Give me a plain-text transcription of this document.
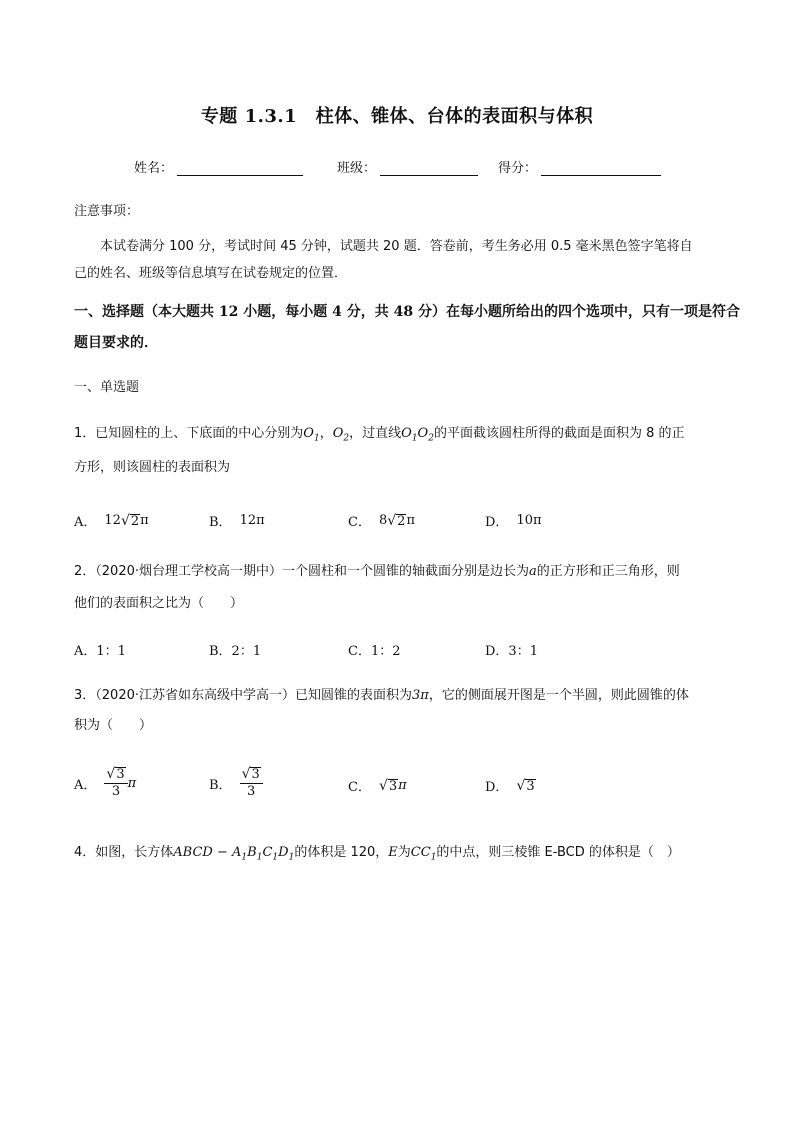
专题 1.3.1　柱体、锥体、台体的表面积与体积
姓名：	班级：	得分：
注意事项：
本试卷满分 100 分，考试时间 45 分钟，试题共 20 题．答卷前，考生务必用 0.5 毫米黑色签字笔将自
己的姓名、班级等信息填写在试卷规定的位置．
一、选择题（本大题共 12 小题，每小题 4 分，共 48 分）在每小题所给出的四个选项中，只有一项是符合
题目要求的．
一、单选题
1．已知圆柱的上、下底面的中心分别为$O_1$，$O_2$，过直线$O_1O_2$的平面截该圆柱所得的截面是面积为 8 的正
方形，则该圆柱的表面积为
A． 12 √ 2 π	B． 12π	C． 8 √ 2 π	D． 10π
2．（2020·烟台理工学校高一期中）一个圆柱和一个圆锥的轴截面分别是边长为a的正方形和正三角形，则
他们的表面积之比为（　　）
A．1：1	B．2：1	C．1：2	D．3：1
3．（2020·江苏省如东高级中学高一）已知圆锥的表面积为3π，它的侧面展开图是一个半圆，则此圆锥的体
积为（　　）
A． $\frac{√ 3}{3}$ π	B． $\frac{√ 3}{3}$	C． √ 3 π	D． √ 3
4．如图，长方体ABCD − $A_1B_1C_1D_1$的体积是 120，E为$CC_1$的中点，则三棱锥 E-BCD 的体积是（　）
